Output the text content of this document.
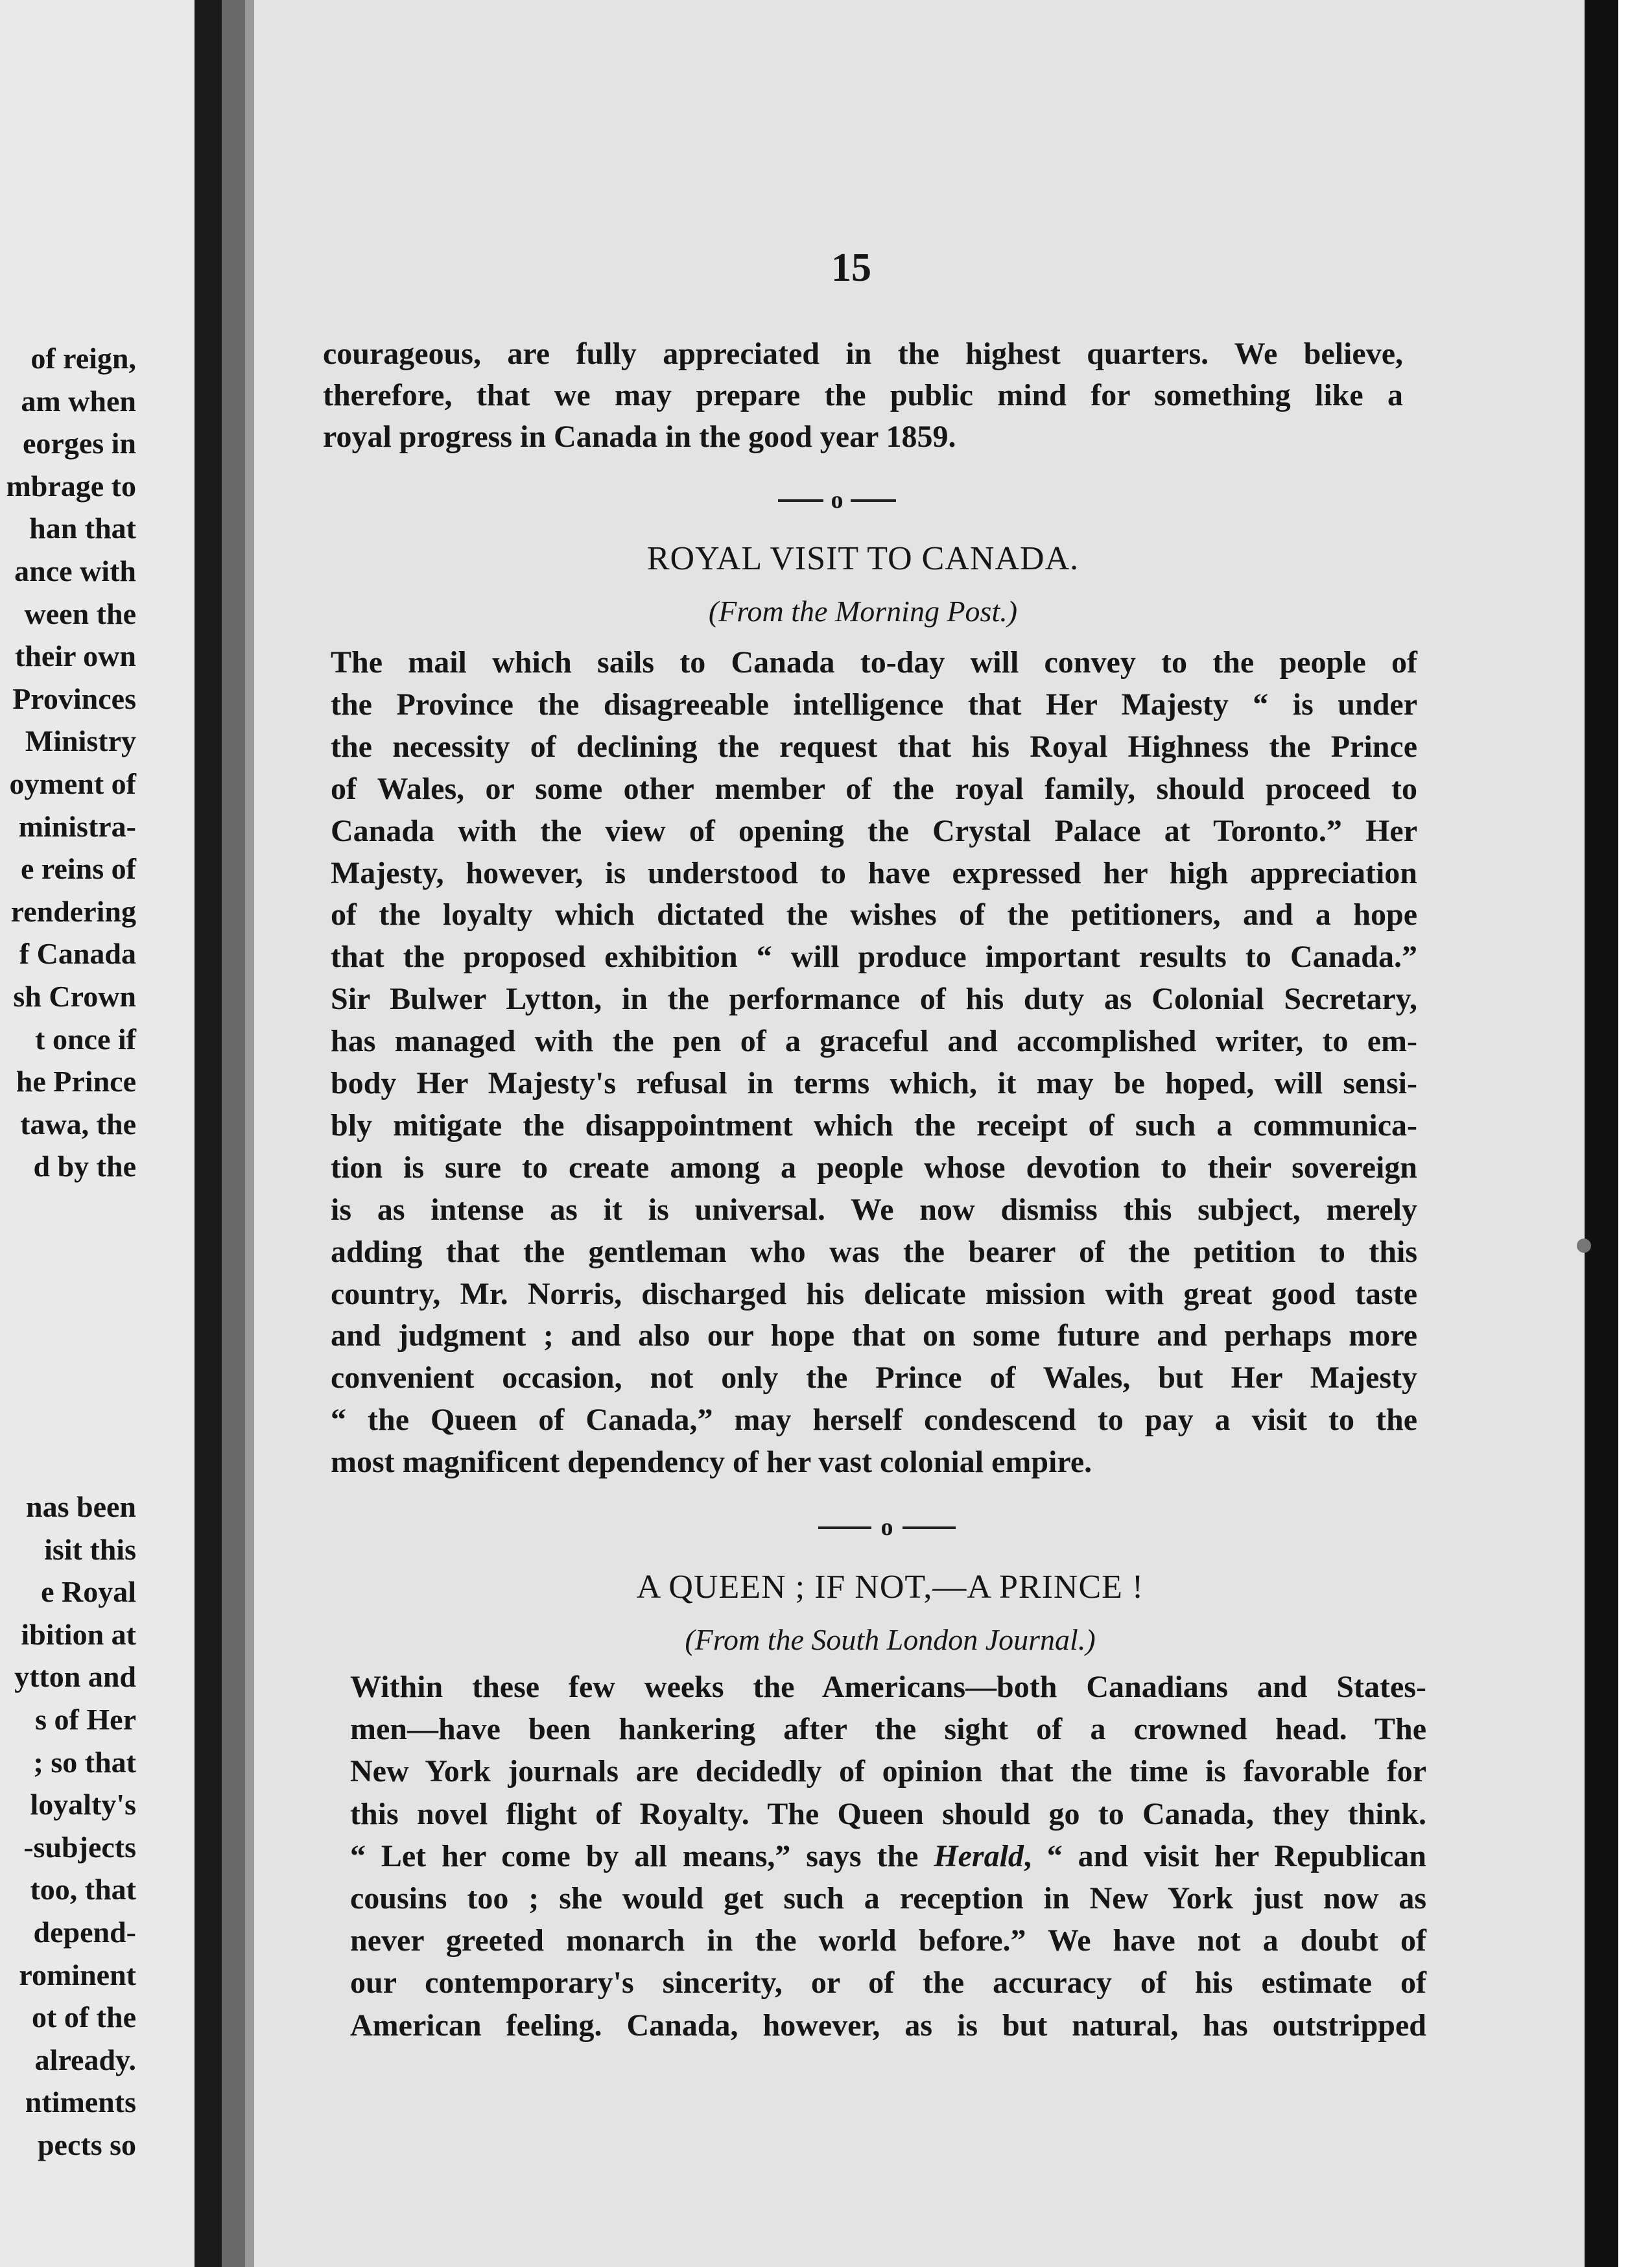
of reign,
am when
eorges in
mbrage to
han that
ance with
ween the
their own
Provinces
Ministry
oyment of
ministra-
e reins of
rendering
f Canada
sh Crown
t once if
he Prince
tawa, the
d by the
nas been
isit this
e Royal
ibition at
ytton and
s of Her
; so that
loyalty's
-subjects
too, that
depend-
rominent
ot of the
already.
ntiments
pects so
15
courageous, are fully appreciated in the highest quarters. We believe,
therefore, that we may prepare the public mind for something like a
royal progress in Canada in the good year 1859.
o
ROYAL VISIT TO CANADA.
(From the Morning Post.)
The mail which sails to Canada to-day will convey to the people of
the Province the disagreeable intelligence that Her Majesty “ is under
the necessity of declining the request that his Royal Highness the Prince
of Wales, or some other member of the royal family, should proceed to
Canada with the view of opening the Crystal Palace at Toronto.” Her
Majesty, however, is understood to have expressed her high appreciation
of the loyalty which dictated the wishes of the petitioners, and a hope
that the proposed exhibition “ will produce important results to Canada.”
Sir Bulwer Lytton, in the performance of his duty as Colonial Secretary,
has managed with the pen of a graceful and accomplished writer, to em-
body Her Majesty's refusal in terms which, it may be hoped, will sensi-
bly mitigate the disappointment which the receipt of such a communica-
tion is sure to create among a people whose devotion to their sovereign
is as intense as it is universal. We now dismiss this subject, merely
adding that the gentleman who was the bearer of the petition to this
country, Mr. Norris, discharged his delicate mission with great good taste
and judgment ; and also our hope that on some future and perhaps more
convenient occasion, not only the Prince of Wales, but Her Majesty
“ the Queen of Canada,” may herself condescend to pay a visit to the
most magnificent dependency of her vast colonial empire.
o
A QUEEN ; IF NOT,—A PRINCE !
(From the South London Journal.)
Within these few weeks the Americans—both Canadians and States-
men—have been hankering after the sight of a crowned head. The
New York journals are decidedly of opinion that the time is favorable for
this novel flight of Royalty. The Queen should go to Canada, they think.
“ Let her come by all means,” says the Herald, “ and visit her Republican
cousins too ; she would get such a reception in New York just now as
never greeted monarch in the world before.” We have not a doubt of
our contemporary's sincerity, or of the accuracy of his estimate of
American feeling. Canada, however, as is but natural, has outstripped
